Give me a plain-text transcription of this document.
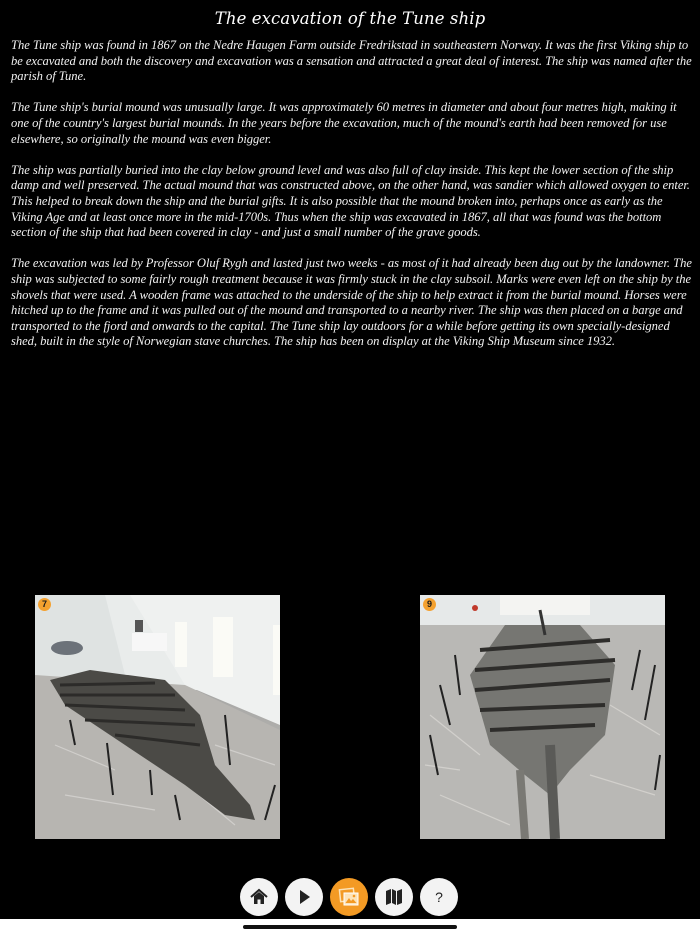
The excavation of the Tune ship

The Tune ship was found in 1867 on the Nedre Haugen Farm outside Fredrikstad in southeastern Norway. It was the first Viking ship to be excavated and both the discovery and excavation was a sensation and attracted a great deal of interest. The ship was named after the parish of Tune.

The Tune ship's burial mound was unusually large. It was approximately 60 metres in diameter and about four metres high, making it one of the country's largest burial mounds. In the years before the excavation, much of the mound's earth had been removed for use elsewhere, so originally the mound was even bigger.

The ship was partially buried into the clay below ground level and was also full of clay inside. This kept the lower section of the ship damp and well preserved. The actual mound that was constructed above, on the other hand, was sandier which allowed oxygen to enter. This helped to break down the ship and the burial gifts. It is also possible that the mound broken into, perhaps once as early as the Viking Age and at least once more in the mid-1700s. Thus when the ship was excavated in 1867, all that was found was the bottom section of the ship that had been covered in clay - and just a small number of the grave goods.

The excavation was led by Professor Oluf Rygh and lasted just two weeks - as most of it had already been dug out by the landowner. The ship was subjected to some fairly rough treatment because it was firmly stuck in the clay subsoil. Marks were even left on the ship by the shovels that were used. A wooden frame was attached to the underside of the ship to help extract it from the burial mound. Horses were hitched up to the frame and it was pulled out of the mound and transported to a nearby river. The ship was then placed on a barge and transported to the fjord and onwards to the capital. The Tune ship lay outdoors for a while before getting its own specially-designed shed, built in the style of Norwegian stave churches. The ship has been on display at the Viking Ship Museum since 1932.

7	9
?
